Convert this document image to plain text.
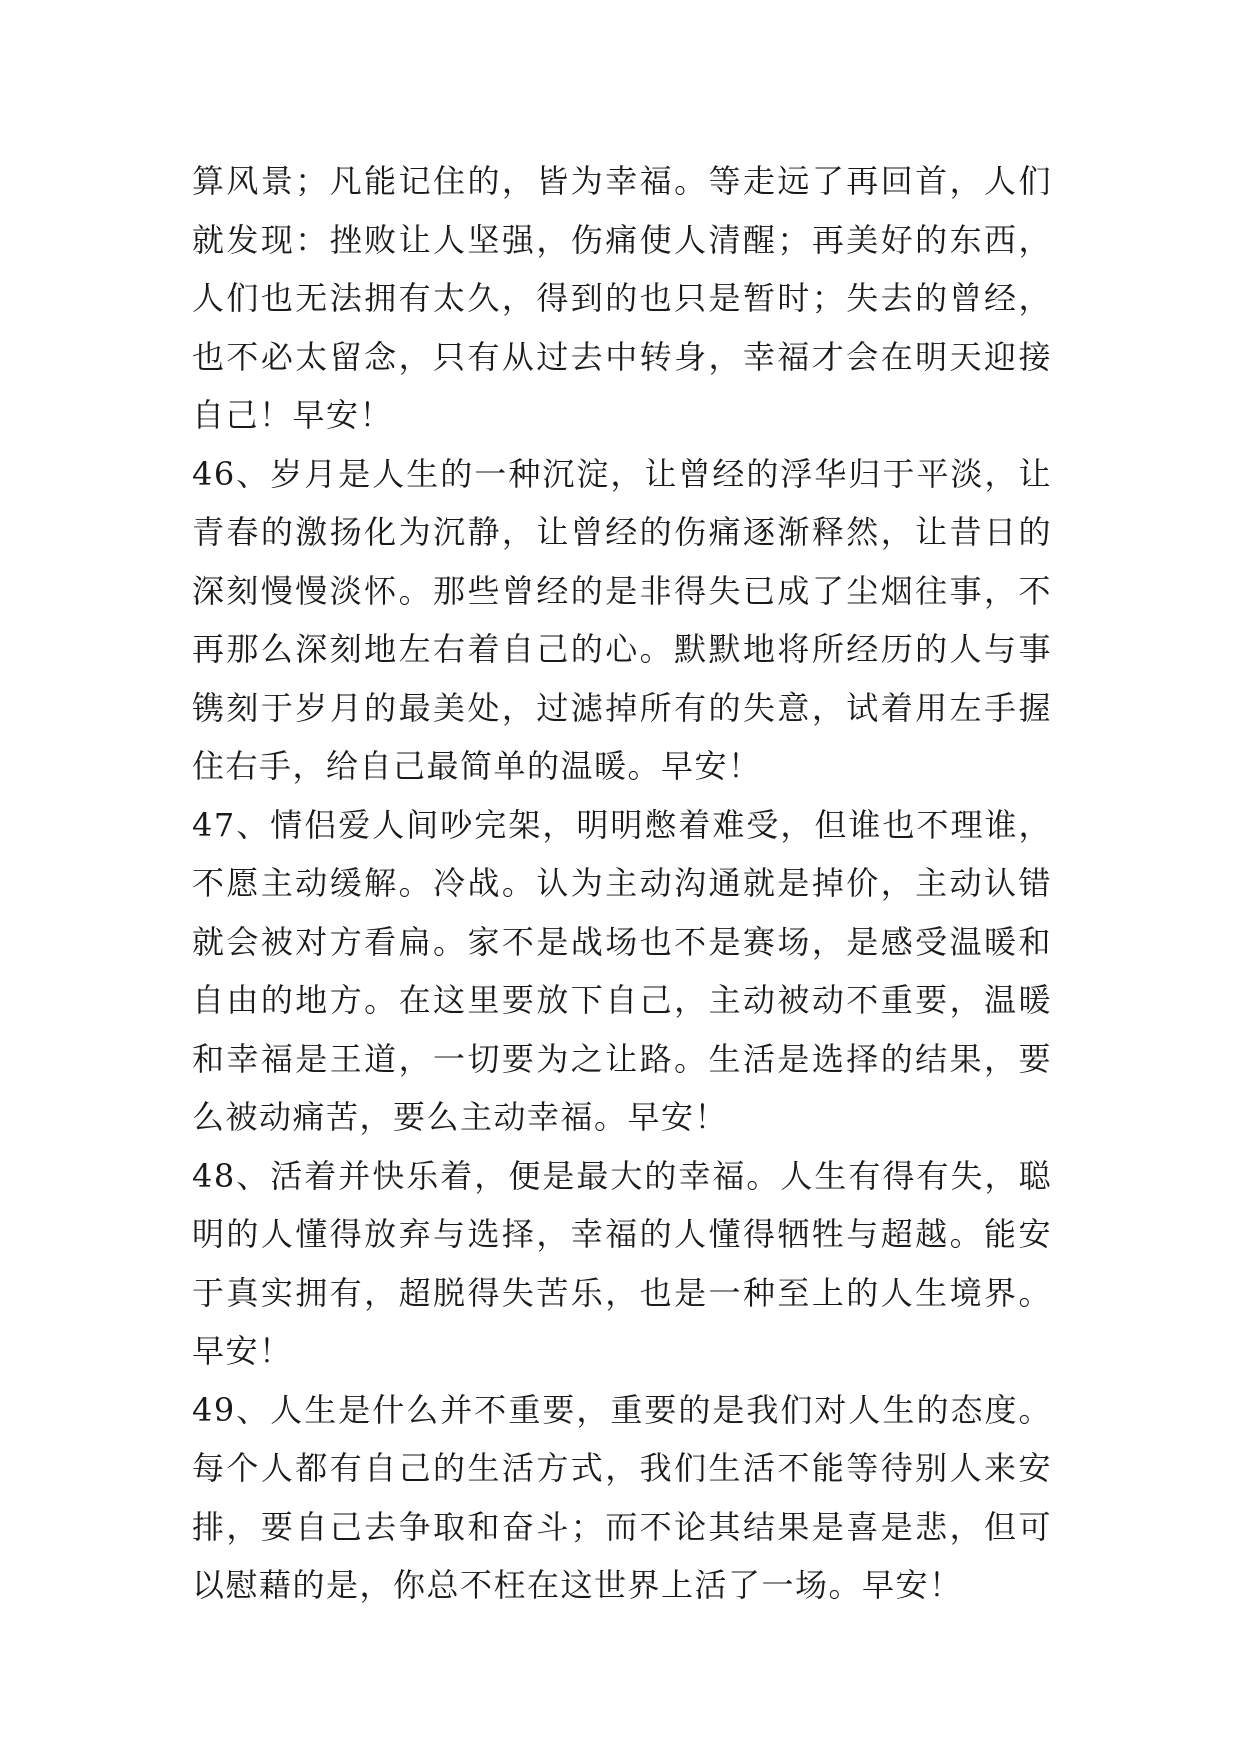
算风景；凡能记住的，皆为幸福。等走远了再回首，人们就发现：挫败让人坚强，伤痛使人清醒；再美好的东西，人们也无法拥有太久，得到的也只是暂时；失去的曾经，也不必太留念，只有从过去中转身，幸福才会在明天迎接自己！早安！

46、岁月是人生的一种沉淀，让曾经的浮华归于平淡，让青春的激扬化为沉静，让曾经的伤痛逐渐释然，让昔日的深刻慢慢淡怀。那些曾经的是非得失已成了尘烟往事，不再那么深刻地左右着自己的心。默默地将所经历的人与事镌刻于岁月的最美处，过滤掉所有的失意，试着用左手握住右手，给自己最简单的温暖。早安！

47、情侣爱人间吵完架，明明憋着难受，但谁也不理谁，不愿主动缓解。冷战。认为主动沟通就是掉价，主动认错就会被对方看扁。家不是战场也不是赛场，是感受温暖和自由的地方。在这里要放下自己，主动被动不重要，温暖和幸福是王道，一切要为之让路。生活是选择的结果，要么被动痛苦，要么主动幸福。早安！

48、活着并快乐着，便是最大的幸福。人生有得有失，聪明的人懂得放弃与选择，幸福的人懂得牺牲与超越。能安于真实拥有，超脱得失苦乐，也是一种至上的人生境界。早安！

49、人生是什么并不重要，重要的是我们对人生的态度。每个人都有自己的生活方式，我们生活不能等待别人来安排，要自己去争取和奋斗；而不论其结果是喜是悲，但可以慰藉的是，你总不枉在这世界上活了一场。早安！
